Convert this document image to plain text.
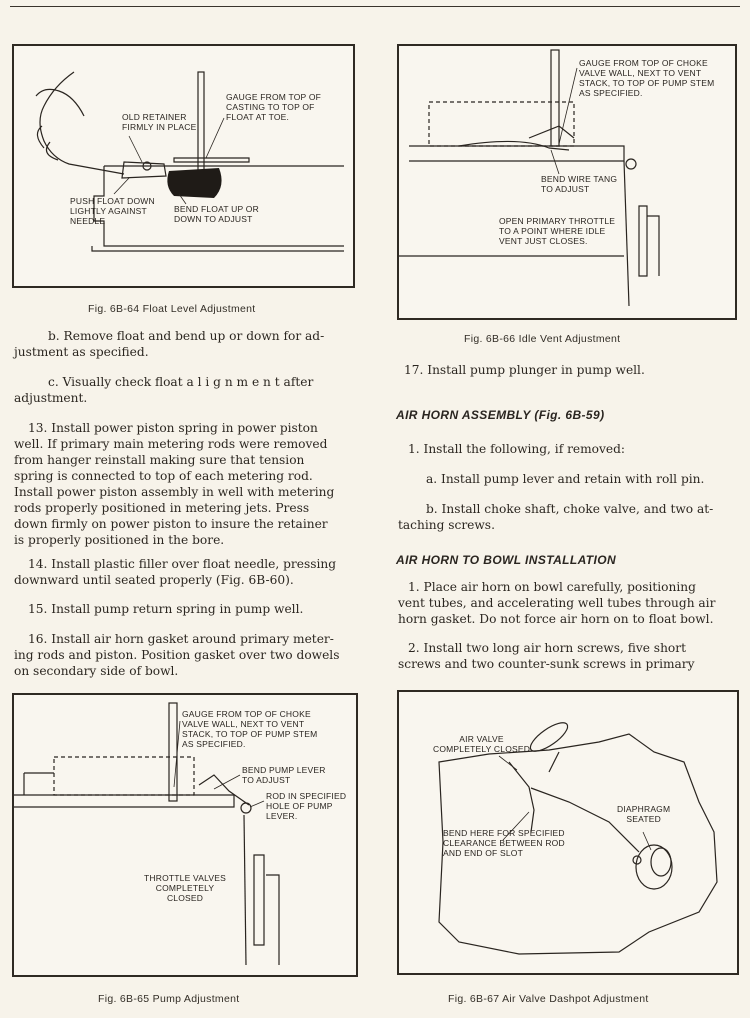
OLD RETAINER
FIRMLY IN PLACE
GAUGE FROM TOP OF
CASTING TO TOP OF
FLOAT AT TOE.
PUSH FLOAT DOWN
LIGHTLY AGAINST
NEEDLE
BEND FLOAT UP OR
DOWN TO ADJUST
Fig. 6B-64 Float Level Adjustment
GAUGE FROM TOP OF CHOKE
VALVE WALL, NEXT TO VENT
STACK, TO TOP OF PUMP STEM
AS SPECIFIED.
BEND WIRE TANG
TO ADJUST
OPEN PRIMARY THROTTLE
TO A POINT WHERE IDLE
VENT JUST CLOSES.
Fig. 6B-66 Idle Vent Adjustment
b. Remove float and bend up or down for ad-
justment as specified.
c. Visually check float a l i g n m e n t after
adjustment.
13. Install power piston spring in power piston
well. If primary main metering rods were removed
from hanger reinstall making sure that tension
spring is connected to top of each metering rod.
Install power piston assembly in well with metering
rods properly positioned in metering jets. Press
down firmly on power piston to insure the retainer
is properly positioned in the bore.
14. Install plastic filler over float needle, pressing
downward until seated properly (Fig. 6B-60).
15. Install pump return spring in pump well.
16. Install air horn gasket around primary meter-
ing rods and piston. Position gasket over two dowels
on secondary side of bowl.
17. Install pump plunger in pump well.
AIR HORN ASSEMBLY (Fig. 6B-59)
1. Install the following, if removed:
a. Install pump lever and retain with roll pin.
b. Install choke shaft, choke valve, and two at-
taching screws.
AIR HORN TO BOWL INSTALLATION
1. Place air horn on bowl carefully, positioning
vent tubes, and accelerating well tubes through air
horn gasket. Do not force air horn on to float bowl.
2. Install two long air horn screws, five short
screws and two counter-sunk screws in primary
GAUGE FROM TOP OF CHOKE
VALVE WALL, NEXT TO VENT
STACK, TO TOP OF PUMP STEM
AS SPECIFIED.
BEND PUMP LEVER
TO ADJUST
ROD IN SPECIFIED
HOLE OF PUMP
LEVER.
THROTTLE VALVES
COMPLETELY
CLOSED
Fig. 6B-65 Pump Adjustment
AIR VALVE
COMPLETELY CLOSED
DIAPHRAGM
SEATED
BEND HERE FOR SPECIFIED
CLEARANCE BETWEEN ROD
AND END OF SLOT
Fig. 6B-67 Air Valve Dashpot Adjustment
